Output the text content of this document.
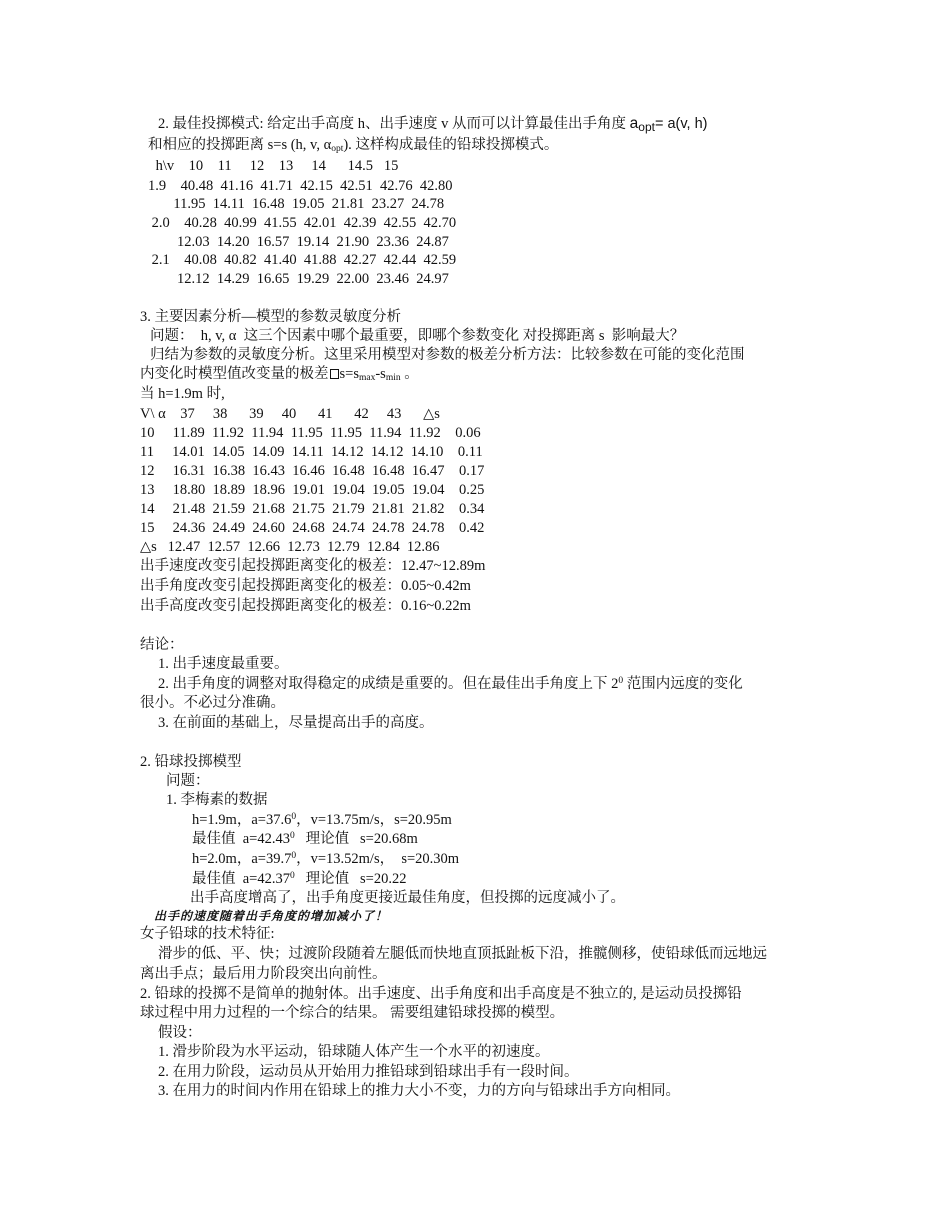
2. 最佳投掷模式: 给定出手高度 h、出手速度 v 从而可以计算最佳出手角度 $a_{opt}= a(v$, h)
和相应的投掷距离 s=s (h, v, $\alpha_{opt}$). 这样构成最佳的铅球投掷模式。
h\v    10    11     12    13     14      14.5   15
1.9    40.48  41.16  41.71  42.15  42.51  42.76  42.80
11.95  14.11  16.48  19.05  21.81  23.27  24.78
2.0    40.28  40.99  41.55  42.01  42.39  42.55  42.70
12.03  14.20  16.57  19.14  21.90  23.36  24.87
2.1    40.08  40.82  41.40  41.88  42.27  42.44  42.59
12.12  14.29  16.65  19.29  22.00  23.46  24.97
3. 主要因素分析—模型的参数灵敏度分析
问题：  h, v, α  这三个因素中哪个最重要，即哪个参数变化 对投掷距离 s  影响最大？
归结为参数的灵敏度分析。这里采用模型对参数的极差分析方法：比较参数在可能的变化范围
内变化时模型值改变量的极差 $s=s_{max}-s_{min}$ 。
当 h=1.9m 时,
V\ α    37     38      39     40      41      42     43      △s
10     11.89  11.92  11.94  11.95  11.95  11.94  11.92    0.06
11     14.01  14.05  14.09  14.11  14.12  14.12  14.10    0.11
12     16.31  16.38  16.43  16.46  16.48  16.48  16.47    0.17
13     18.80  18.89  18.96  19.01  19.04  19.05  19.04    0.25
14     21.48  21.59  21.68  21.75  21.79  21.81  21.82    0.34
15     24.36  24.49  24.60  24.68  24.74  24.78  24.78    0.42
△s   12.47  12.57  12.66  12.73  12.79  12.84  12.86
出手速度改变引起投掷距离变化的极差：12.47~12.89m
出手角度改变引起投掷距离变化的极差：0.05~0.42m
出手高度改变引起投掷距离变化的极差：0.16~0.22m
结论：
1. 出手速度最重要。
2. 出手角度的调整对取得稳定的成绩是重要的。但在最佳出手角度上下 $2^0$ 范围内远度的变化
很小。不必过分准确。
3. 在前面的基础上，尽量提高出手的高度。
2. 铅球投掷模型
问题：
1. 李梅素的数据
h=1.9m，$a=37.6^0$，v=13.75m/s，s=20.95m
最佳值  $a=42.43^0$   理论值   s=20.68m
h=2.0m，$a=39.7^0$，v=13.52m/s，  s=20.30m
最佳值  $a=42.37^0$   理论值   s=20.22
出手高度增高了，出手角度更接近最佳角度，但投掷的远度减小了。
出手的速度随着出手角度的增加减小了！
女子铅球的技术特征:
滑步的低、平、快；过渡阶段随着左腿低而快地直顶抵趾板下沿，推髋侧移，使铅球低而远地远
离出手点；最后用力阶段突出向前性。
2. 铅球的投掷不是简单的抛射体。出手速度、出手角度和出手高度是不独立的, 是运动员投掷铅
球过程中用力过程的一个综合的结果。 需要组建铅球投掷的模型。
假设：
1. 滑步阶段为水平运动，铅球随人体产生一个水平的初速度。
2. 在用力阶段，运动员从开始用力推铅球到铅球出手有一段时间。
3. 在用力的时间内作用在铅球上的推力大小不变，力的方向与铅球出手方向相同。
